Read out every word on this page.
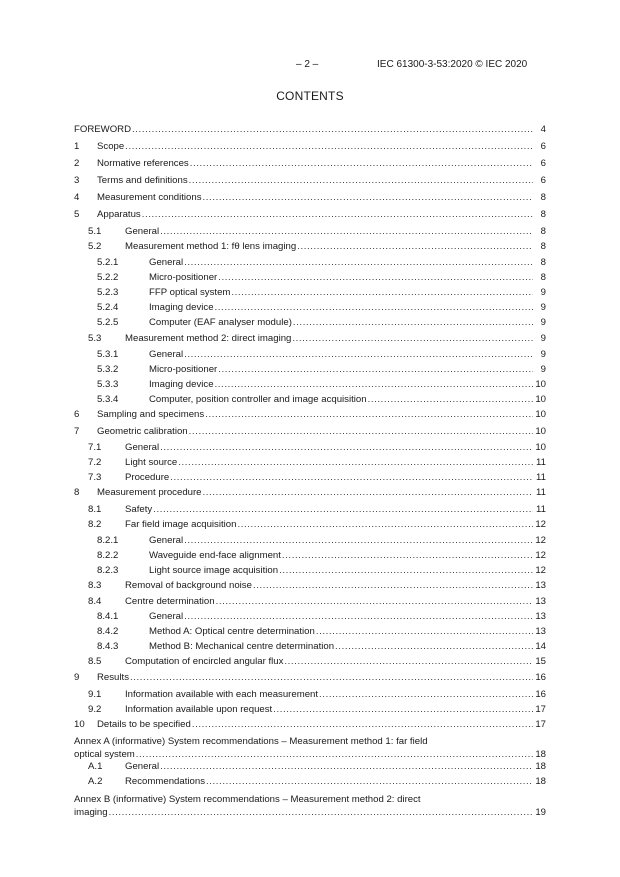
– 2 –	IEC 61300-3-53:2020 © IEC 2020
CONTENTS
FOREWORD .....	4
1 Scope .....	6
2 Normative references .....	6
3 Terms and definitions .....	6
4 Measurement conditions .....	8
5 Apparatus .....	8
5.1 General .....	8
5.2 Measurement method 1: fθ lens imaging .....	8
5.2.1	General .....	8
5.2.2	Micro-positioner .....	8
5.2.3	FFP optical system .....	9
5.2.4	Imaging device .....	9
5.2.5	Computer (EAF analyser module) .....	9
5.3 Measurement method 2: direct imaging .....	9
5.3.1	General .....	9
5.3.2	Micro-positioner .....	9
5.3.3	Imaging device .....	10
5.3.4	Computer, position controller and image acquisition .....	10
6 Sampling and specimens .....	10
7 Geometric calibration .....	10
7.1 General .....	10
7.2 Light source .....	11
7.3 Procedure .....	11
8 Measurement procedure .....	11
8.1 Safety .....	11
8.2 Far field image acquisition .....	12
8.2.1	General .....	12
8.2.2	Waveguide end-face alignment .....	12
8.2.3	Light source image acquisition .....	12
8.3 Removal of background noise .....	13
8.4 Centre determination .....	13
8.4.1	General .....	13
8.4.2	Method A: Optical centre determination .....	13
8.4.3	Method B: Mechanical centre determination .....	14
8.5 Computation of encircled angular flux .....	15
9 Results .....	16
9.1 Information available with each measurement .....	16
9.2 Information available upon request .....	17
10 Details to be specified .....	17
Annex A (informative) System recommendations – Measurement method 1: far field
optical system .....	18
A.1 General .....	18
A.2 Recommendations .....	18
Annex B (informative) System recommendations – Measurement method 2: direct
imaging .....	19
